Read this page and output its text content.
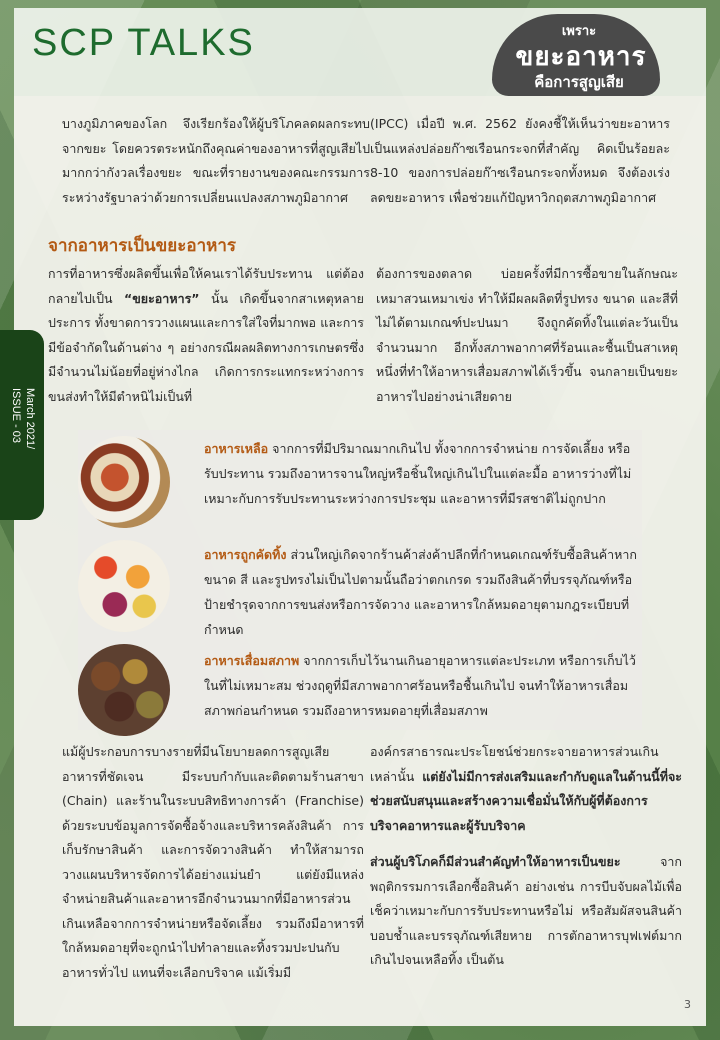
SCP TALKS	เพราะ
ขยะอาหาร
คือการสูญเสีย
March 2021/
ISSUE - 03
บางภูมิภาคของโลก จึงเรียกร้องให้ผู้บริโภคลดผลกระทบจากขยะ โดยควรตระหนักถึงคุณค่าของอาหารที่สูญเสียไปมากกว่ากังวลเรื่องขยะ ขณะที่รายงานของคณะกรรมการระหว่างรัฐบาลว่าด้วยการเปลี่ยนแปลงสภาพภูมิอากาศ
(IPCC) เมื่อปี พ.ศ. 2562 ยังคงชี้ให้เห็นว่าขยะอาหารเป็นแหล่งปล่อยก๊าซเรือนกระจกที่สำคัญ คิดเป็นร้อยละ 8-10 ของการปล่อยก๊าซเรือนกระจกทั้งหมด จึงต้องเร่งลดขยะอาหาร เพื่อช่วยแก้ปัญหาวิกฤตสภาพภูมิอากาศ
จากอาหารเป็นขยะอาหาร
การที่อาหารซึ่งผลิตขึ้นเพื่อให้คนเราได้รับประทาน แต่ต้องกลายไปเป็น “ขยะอาหาร” นั้น เกิดขึ้นจากสาเหตุหลายประการ ทั้งขาดการวางแผนและการใส่ใจที่มากพอ และการมีข้อจำกัดในด้านต่าง ๆ อย่างกรณีผลผลิตทางการเกษตรซึ่งมีจำนวนไม่น้อยที่อยู่ห่างไกล เกิดการกระแทกระหว่างการขนส่งทำให้มีตำหนิไม่เป็นที่
ต้องการของตลาด บ่อยครั้งที่มีการซื้อขายในลักษณะเหมาสวนเหมาเข่ง ทำให้มีผลผลิตที่รูปทรง ขนาด และสีที่ไม่ได้ตามเกณฑ์ปะปนมา จึงถูกคัดทิ้งในแต่ละวันเป็นจำนวนมาก อีกทั้งสภาพอากาศที่ร้อนและชื้นเป็นสาเหตุหนึ่งที่ทำให้อาหารเสื่อมสภาพได้เร็วขึ้น จนกลายเป็นขยะอาหารไปอย่างน่าเสียดาย
อาหารเหลือ จากการที่มีปริมาณมากเกินไป ทั้งจากการจำหน่าย การจัดเลี้ยง หรือรับประทาน รวมถึงอาหารจานใหญ่หรือชิ้นใหญ่เกินไปในแต่ละมื้อ อาหารว่างที่ไม่เหมาะกับการรับประทานระหว่างการประชุม และอาหารที่มีรสชาติไม่ถูกปาก
อาหารถูกคัดทิ้ง ส่วนใหญ่เกิดจากร้านค้าส่งค้าปลีกที่กำหนดเกณฑ์รับซื้อสินค้าหากขนาด สี และรูปทรงไม่เป็นไปตามนั้นถือว่าตกเกรด รวมถึงสินค้าที่บรรจุภัณฑ์หรือป้ายชำรุดจากการขนส่งหรือการจัดวาง และอาหารใกล้หมดอายุตามกฎระเบียบที่กำหนด
อาหารเสื่อมสภาพ จากการเก็บไว้นานเกินอายุอาหารแต่ละประเภท หรือการเก็บไว้ในที่ไม่เหมาะสม ช่วงฤดูที่มีสภาพอากาศร้อนหรือชื้นเกินไป จนทำให้อาหารเสื่อมสภาพก่อนกำหนด รวมถึงอาหารหมดอายุที่เสื่อมสภาพ
แม้ผู้ประกอบการบางรายที่มีนโยบายลดการสูญเสียอาหารที่ชัดเจน มีระบบกำกับและติดตามร้านสาขา (Chain) และร้านในระบบสิทธิทางการค้า (Franchise) ด้วยระบบข้อมูลการจัดซื้อจ้างและบริหารคลังสินค้า การเก็บรักษาสินค้า และการจัดวางสินค้า ทำให้สามารถวางแผนบริหารจัดการได้อย่างแม่นยำ แต่ยังมีแหล่งจำหน่ายสินค้าและอาหารอีกจำนวนมากที่มีอาหารส่วนเกินเหลือจากการจำหน่ายหรือจัดเลี้ยง รวมถึงมีอาหารที่ใกล้หมดอายุที่จะถูกนำไปทำลายและทิ้งรวมปะปนกับอาหารทั่วไป แทนที่จะเลือกบริจาค แม้เริ่มมี

องค์กรสาธารณะประโยชน์ช่วยกระจายอาหารส่วนเกินเหล่านั้น แต่ยังไม่มีการส่งเสริมและกำกับดูแลในด้านนี้ที่จะช่วยสนับสนุนและสร้างความเชื่อมั่นให้กับผู้ที่ต้องการบริจาคอาหารและผู้รับบริจาค

ส่วนผู้บริโภคก็มีส่วนสำคัญทำให้อาหารเป็นขยะ จากพฤติกรรมการเลือกซื้อสินค้า อย่างเช่น การบีบจับผลไม้เพื่อเช็คว่าเหมาะกับการรับประทานหรือไม่ หรือสัมผัสจนสินค้าบอบช้ำและบรรจุภัณฑ์เสียหาย การตักอาหารบุฟเฟต์มากเกินไปจนเหลือทิ้ง เป็นต้น

3
